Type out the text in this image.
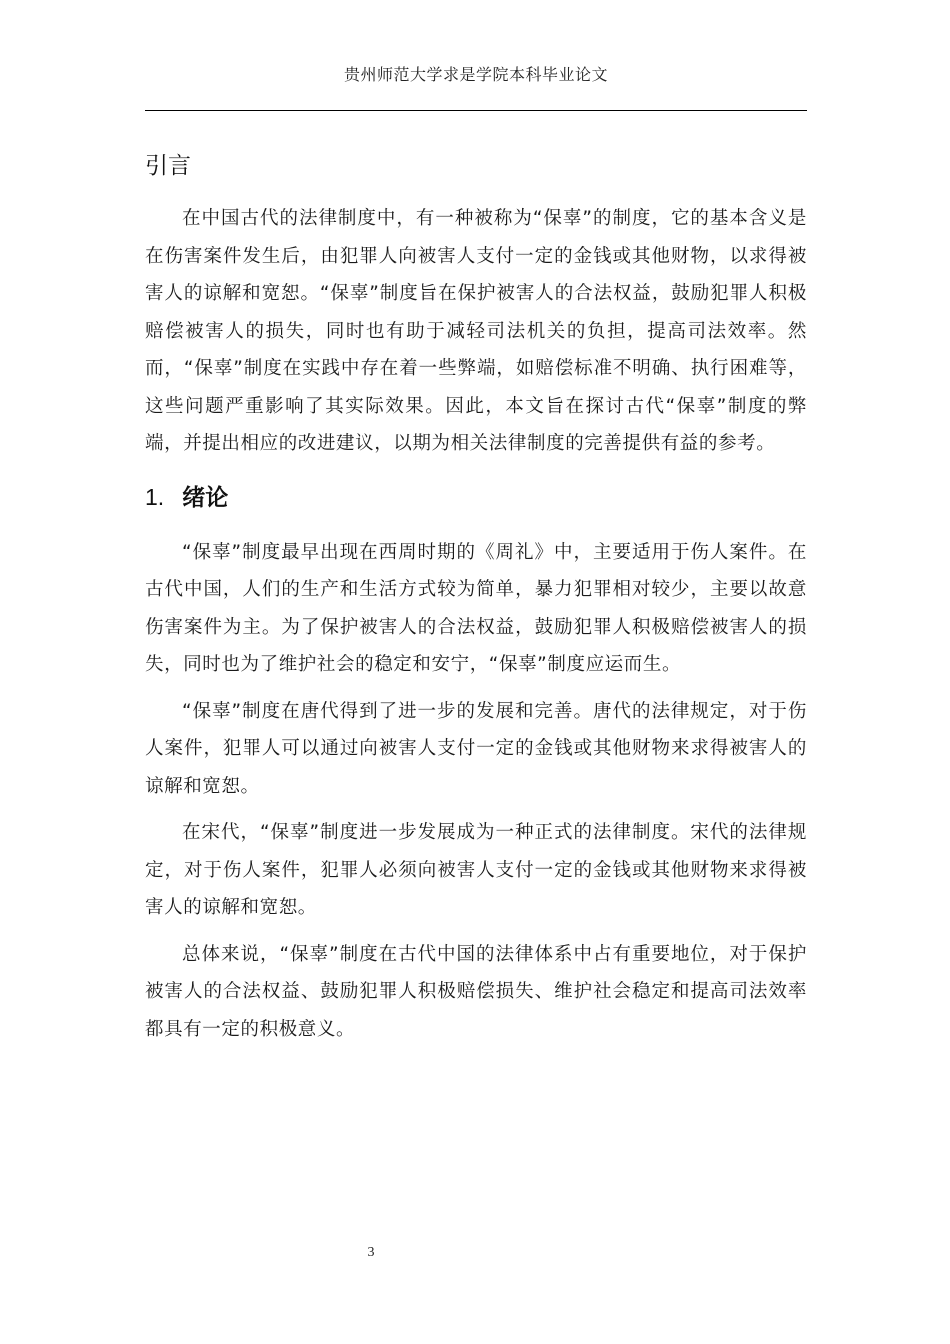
贵州师范大学求是学院本科毕业论文
引言

在中国古代的法律制度中，有一种被称为“保辜”的制度，它的基本含义是在伤害案件发生后，由犯罪人向被害人支付一定的金钱或其他财物，以求得被害人的谅解和宽恕。“保辜”制度旨在保护被害人的合法权益，鼓励犯罪人积极赔偿被害人的损失，同时也有助于减轻司法机关的负担，提高司法效率。然而，“保辜”制度在实践中存在着一些弊端，如赔偿标准不明确、执行困难等，这些问题严重影响了其实际效果。因此，本文旨在探讨古代“保辜”制度的弊端，并提出相应的改进建议，以期为相关法律制度的完善提供有益的参考。

1. 绪论

“保辜”制度最早出现在西周时期的《周礼》中，主要适用于伤人案件。在古代中国，人们的生产和生活方式较为简单，暴力犯罪相对较少，主要以故意伤害案件为主。为了保护被害人的合法权益，鼓励犯罪人积极赔偿被害人的损失，同时也为了维护社会的稳定和安宁，“保辜”制度应运而生。

“保辜”制度在唐代得到了进一步的发展和完善。唐代的法律规定，对于伤人案件，犯罪人可以通过向被害人支付一定的金钱或其他财物来求得被害人的谅解和宽恕。

在宋代，“保辜”制度进一步发展成为一种正式的法律制度。宋代的法律规定，对于伤人案件，犯罪人必须向被害人支付一定的金钱或其他财物来求得被害人的谅解和宽恕。

总体来说，“保辜”制度在古代中国的法律体系中占有重要地位，对于保护被害人的合法权益、鼓励犯罪人积极赔偿损失、维护社会稳定和提高司法效率都具有一定的积极意义。

3
